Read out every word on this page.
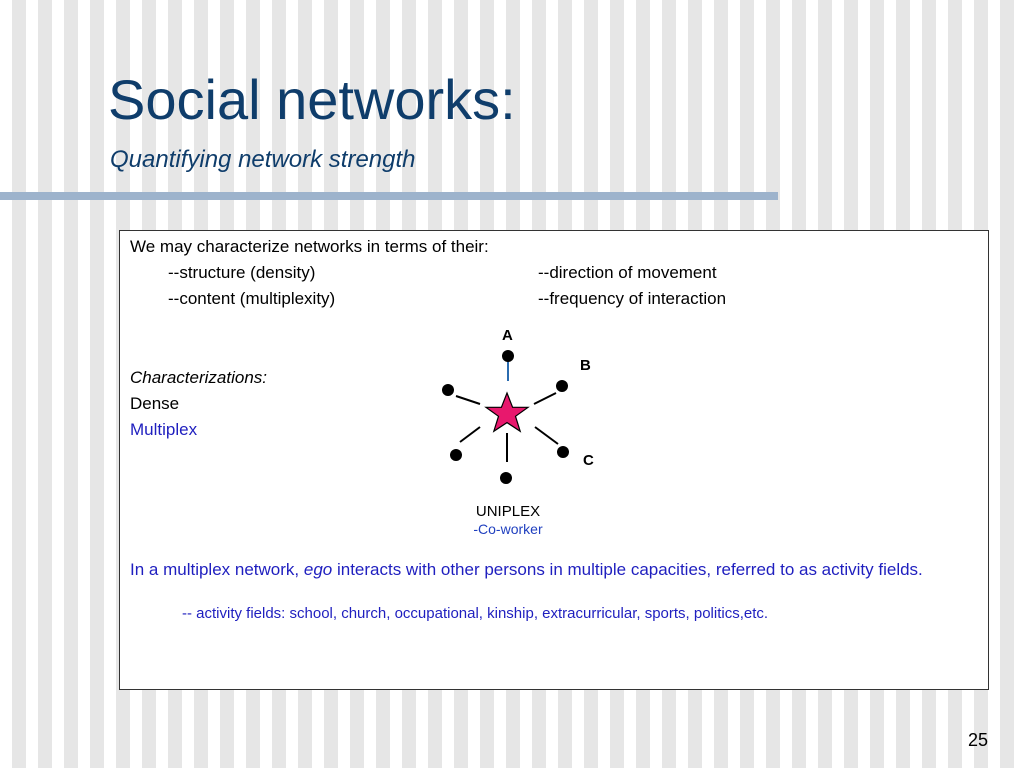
Social networks:
Quantifying network strength
We may characterize networks in terms of their:
--structure (density)	--direction of movement
--content (multiplexity)	--frequency of interaction
Characterizations:
Dense
Multiplex
A
B
C
UNIPLEX
-Co-worker
In a multiplex network, ego interacts with other persons in multiple capacities, referred to as activity fields.
-- activity fields: school, church, occupational, kinship, extracurricular, sports, politics,etc.
25
